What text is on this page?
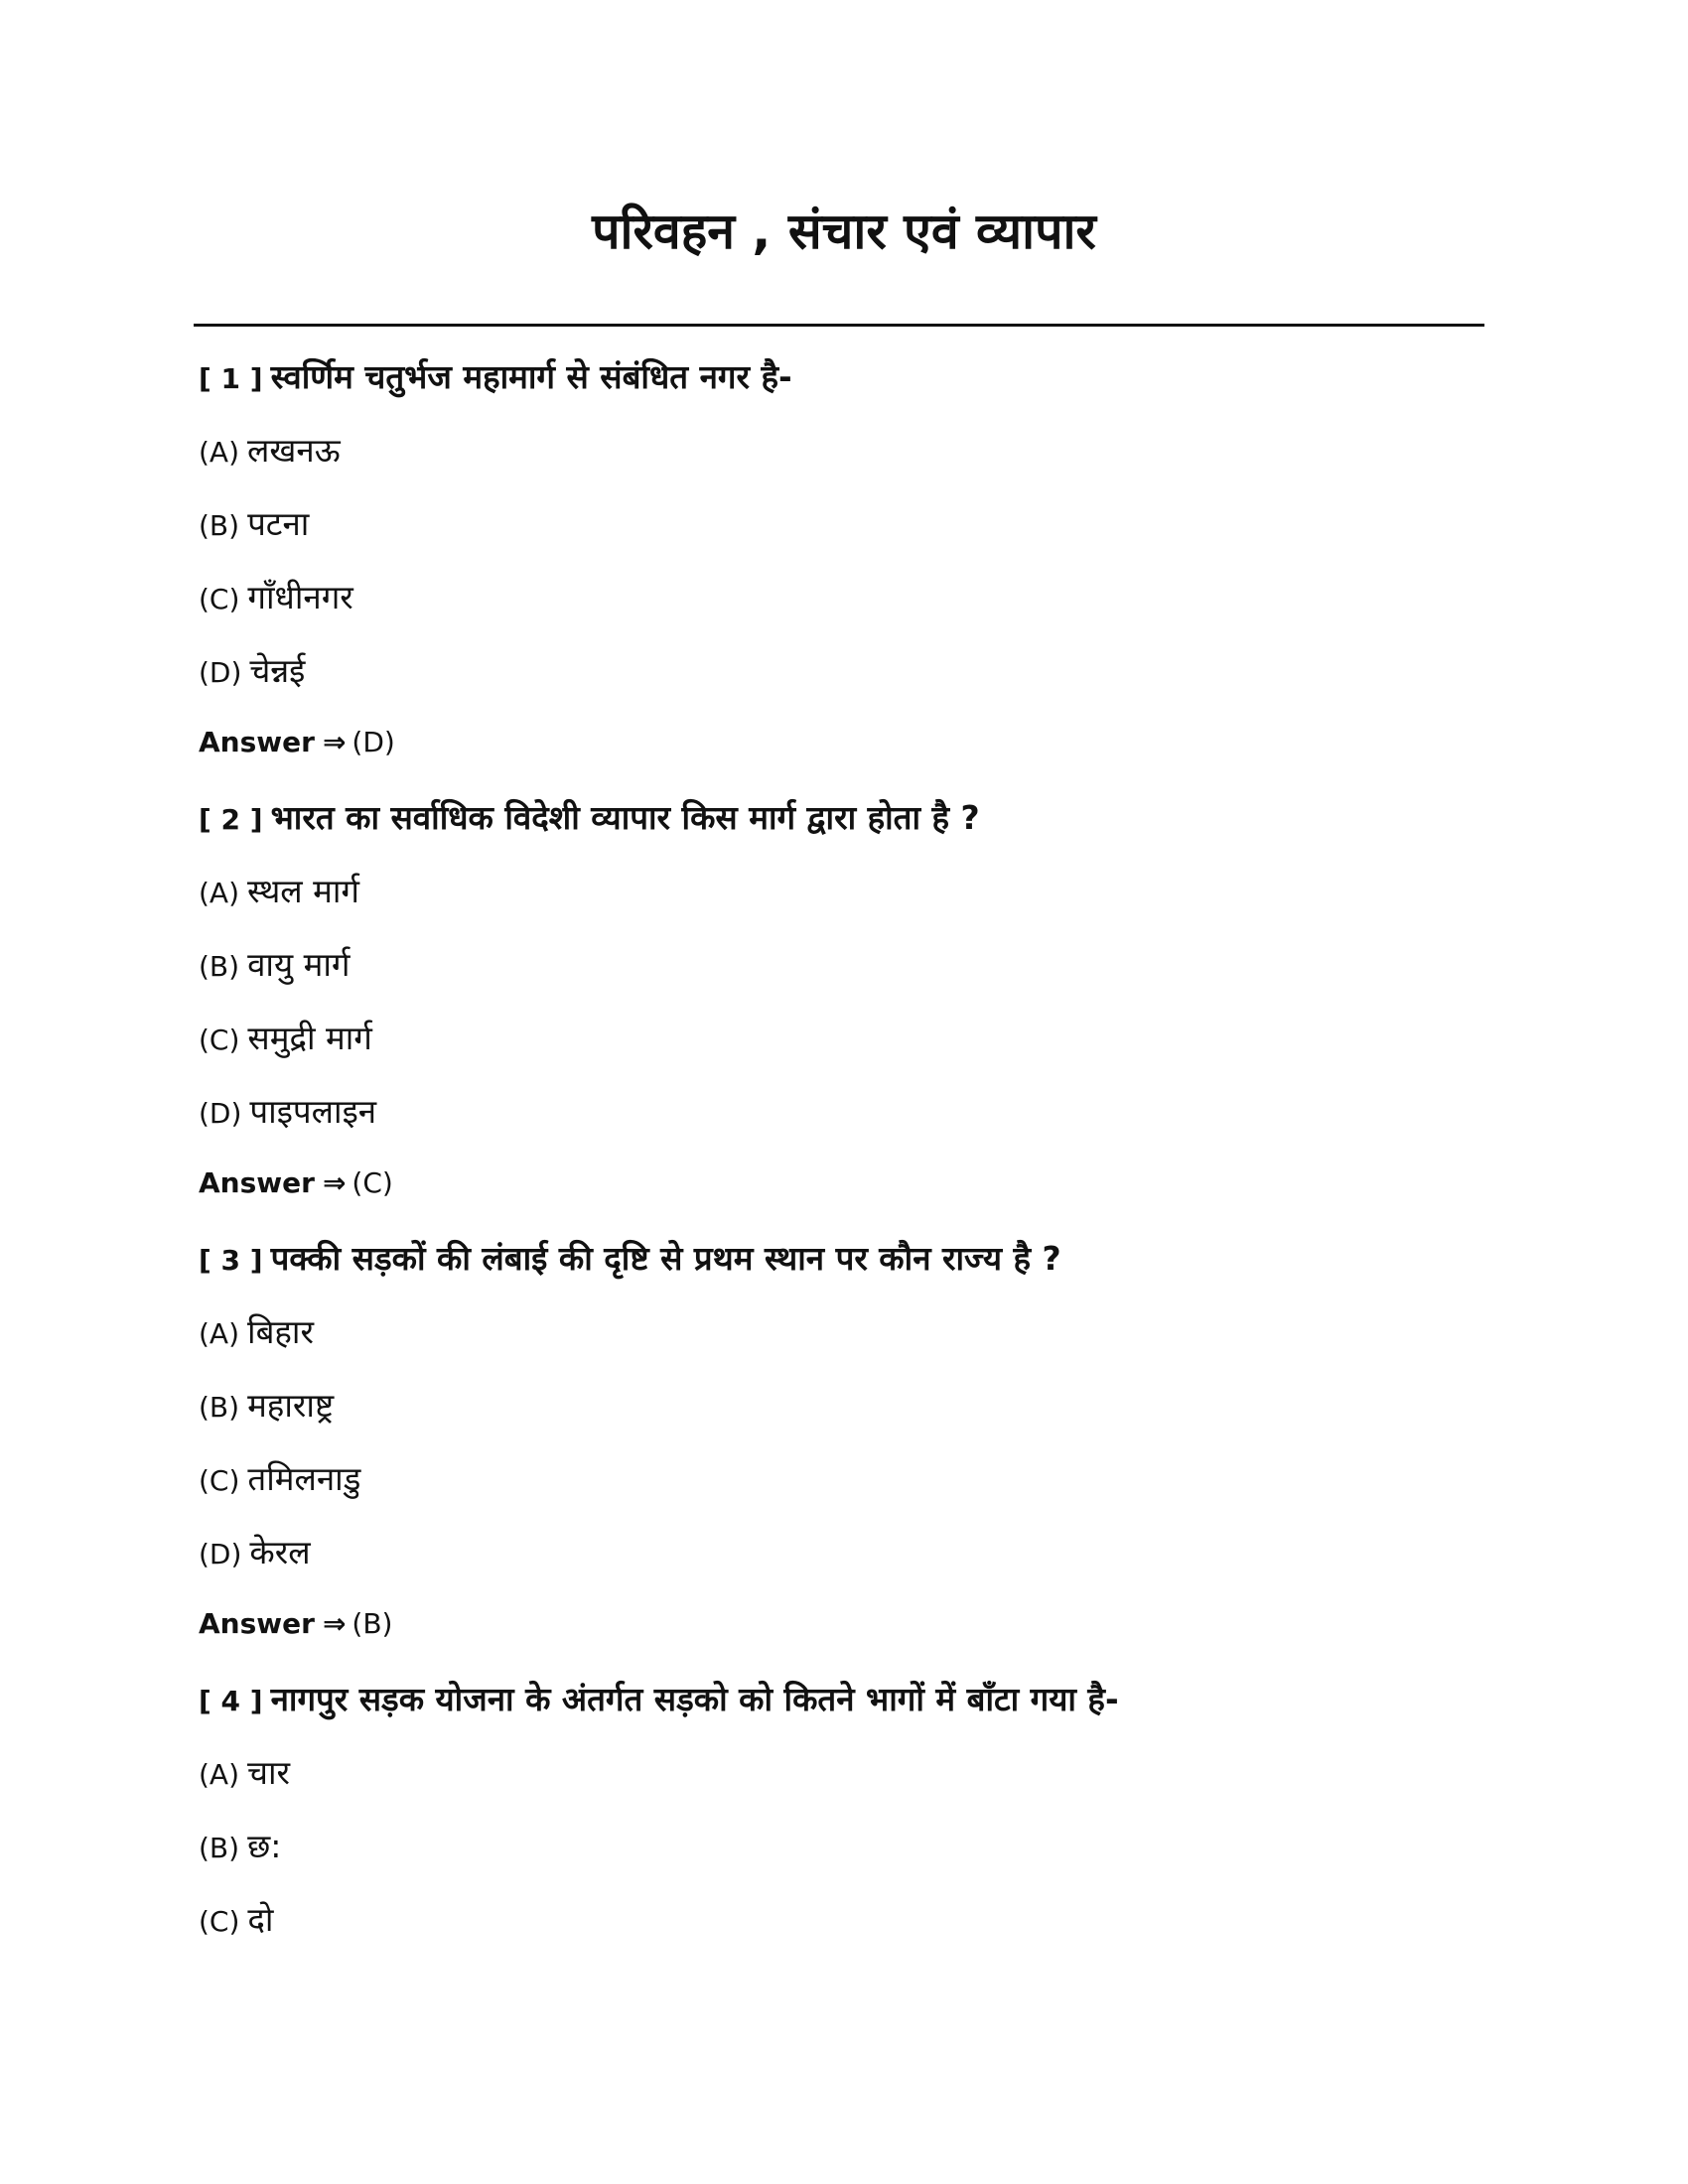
परिवहन , संचार एवं व्यापार
[ 1 ] स्वर्णिम चतुर्भज महामार्ग से संबंधित नगर है-
(A) लखनऊ
(B) पटना
(C) गाँधीनगर
(D) चेन्नई
Answer ⇒ (D)
[ 2 ] भारत का सर्वाधिक विदेशी व्यापार किस मार्ग द्वारा होता है ?
(A) स्थल मार्ग
(B) वायु मार्ग
(C) समुद्री मार्ग
(D) पाइपलाइन
Answer ⇒ (C)
[ 3 ] पक्की सड़कों की लंबाई की दृष्टि से प्रथम स्थान पर कौन राज्य है ?
(A) बिहार
(B) महाराष्ट्र
(C) तमिलनाडु
(D) केरल
Answer ⇒ (B)
[ 4 ] नागपुर सड़क योजना के अंतर्गत सड़को को कितने भागों में बाँटा गया है-
(A) चार
(B) छ:
(C) दो
